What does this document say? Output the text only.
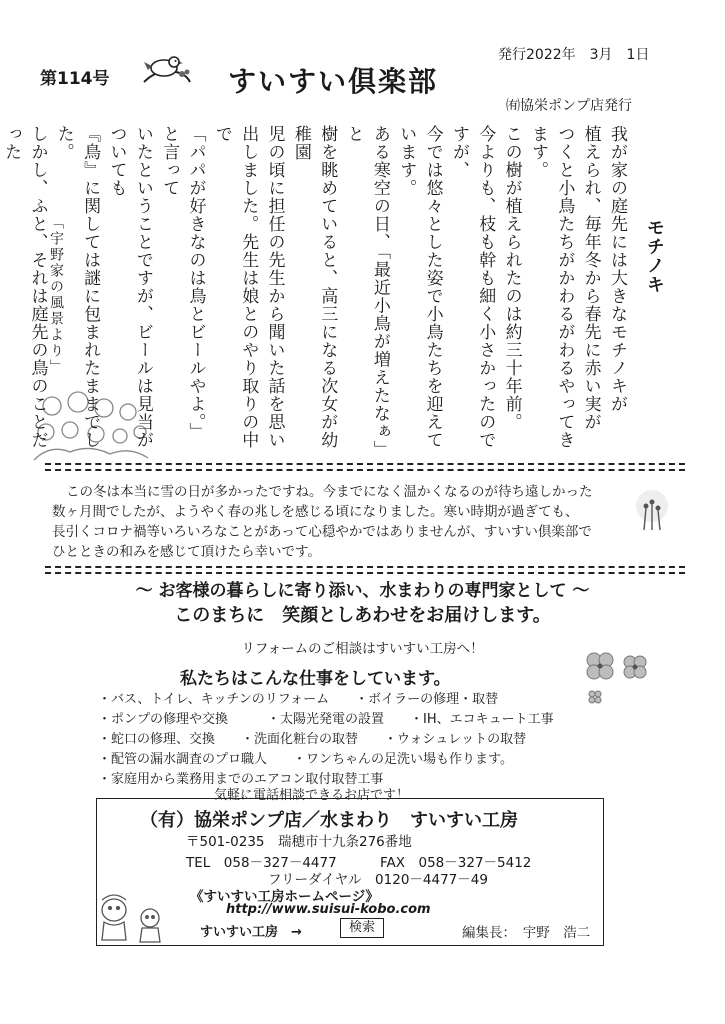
第114号	すいすい倶楽部
発行2022年　3月　1日
㈲協栄ポンプ店発行
「宇野家の風景より」	モチノキ
我が家の庭先には大きなモチノキが
植えられ、毎年冬から春先に赤い実が
つくと小鳥たちがかわるがわるやってきます。
この樹が植えられたのは約三十年前。
今よりも、枝も幹も細く小さかったのですが、
今では悠々とした姿で小鳥たちを迎えて
います。
ある寒空の日、「最近小鳥が増えたなぁ」と
樹を眺めていると、高三になる次女が幼稚園
児の頃に担任の先生から聞いた話を思い
出しました。先生は娘とのやり取りの中で
「パパが好きなのは鳥とビールやよ。」と言って
いたということですが、ビールは見当がついても
『鳥』に関しては謎に包まれたままでした。
しかし、ふと、それは庭先の鳥のことだった

この冬は本当に雪の日が多かったですね。今までになく温かくなるのが待ち遠しかった
数ヶ月間でしたが、ようやく春の兆しを感じる頃になりました。寒い時期が過ぎても、
長引くコロナ禍等いろいろなことがあって心穏やかではありませんが、すいすい倶楽部で
ひとときの和みを感じて頂けたら幸いです。
～ お客様の暮らしに寄り添い、水まわりの専門家として ～
このまちに　笑顔としあわせをお届けします。
リフォームのご相談はすいすい工房へ！
私たちはこんな仕事をしています。
・バス、トイレ、キッチンのリフォーム　　・ボイラーの修理・取替
・ポンプの修理や交換　　　・太陽光発電の設置　　・IH、エコキュート工事
・蛇口の修理、交換　　・洗面化粧台の取替　　・ウォシュレットの取替
・配管の漏水調査のプロ職人　　・ワンちゃんの足洗い場も作ります。
・家庭用から業務用までのエアコン取付取替工事
気軽に電話相談できるお店です！
（有）協栄ポンプ店／水まわり　すいすい工房
〒501-0235　瑞穂市十九条276番地
TEL　058－327－4477	FAX　058－327－5412
フリーダイヤル　0120－4477－49
《すいすい工房ホームページ》
http://www.suisui-kobo.com
すいすい工房　→	検索	編集長：　宇野　浩二
